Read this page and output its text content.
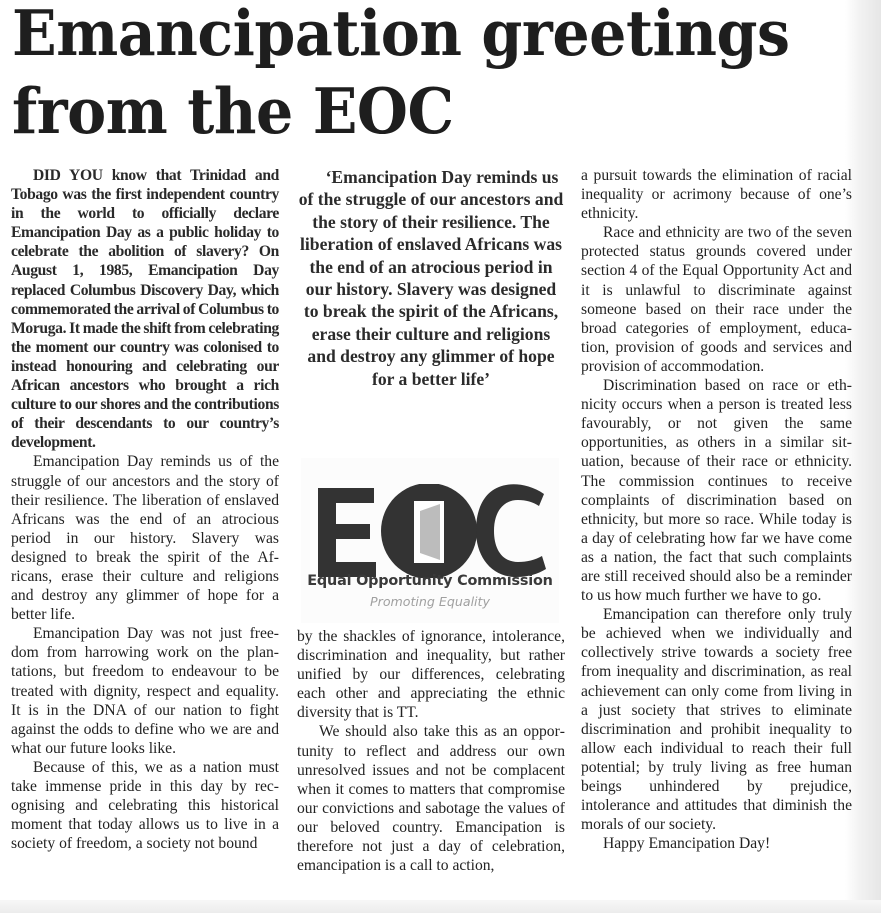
Emancipation greetings from the EOC

DID YOU know that Trinidad and Tobago was the first independent country in the world to officially declare Emancipation Day as a public holiday to celebrate the abolition of slavery? On August 1, 1985, Emancipation Day replaced Columbus Discovery Day, which commemorated the arrival of Columbus to Moruga. It made the shift from celebrating the moment our country was colonised to instead honouring and celebrating our African ancestors who brought a rich culture to our shores and the contributions of their descendants to our country’s development.

Emancipation Day reminds us of the struggle of our ancestors and the story of their resilience. The liberation of enslaved Africans was the end of an atrocious period in our history. Slavery was designed to break the spirit of the Africans, erase their culture and religions and destroy any glimmer of hope for a better life.

Emancipation Day was not just freedom from harrowing work on the plantations, but freedom to endeavour to be treated with dignity, respect and equality. It is in the DNA of our nation to fight against the odds to define who we are and what our future looks like.

Because of this, we as a nation must take immense pride in this day by recognising and celebrating this historical moment that today allows us to live in a society of freedom, a society not bound

‘Emancipation Day reminds us of the struggle of our ancestors and the story of their resilience. The liberation of enslaved Africans was the end of an atrocious period in our history. Slavery was designed to break the spirit of the Africans, erase their culture and religions and destroy any glimmer of hope for a better life’

Equal Opportunity Commission
Promoting Equality

by the shackles of ignorance, intolerance, discrimination and inequality, but rather unified by our differences, celebrating each other and appreciating the ethnic diversity that is TT.

We should also take this as an opportunity to reflect and address our own unresolved issues and not be complacent when it comes to matters that compromise our convictions and sabotage the values of our beloved country. Emancipation is therefore not just a day of celebration, emancipation is a call to action,

a pursuit towards the elimination of racial inequality or acrimony because of one’s ethnicity.

Race and ethnicity are two of the seven protected status grounds covered under section 4 of the Equal Opportunity Act and it is unlawful to discriminate against someone based on their race under the broad categories of employment, education, provision of goods and services and provision of accommodation.

Discrimination based on race or ethnicity occurs when a person is treated less favourably, or not given the same opportunities, as others in a similar situation, because of their race or ethnicity. The commission continues to receive complaints of discrimination based on ethnicity, but more so race. While today is a day of celebrating how far we have come as a nation, the fact that such complaints are still received should also be a reminder to us how much further we have to go.

Emancipation can therefore only truly be achieved when we individually and collectively strive towards a society free from inequality and discrimination, as real achievement can only come from living in a just society that strives to eliminate discrimination and prohibit inequality to allow each individual to reach their full potential; by truly living as free human beings unhindered by prejudice, intolerance and attitudes that diminish the morals of our society.

Happy Emancipation Day!
